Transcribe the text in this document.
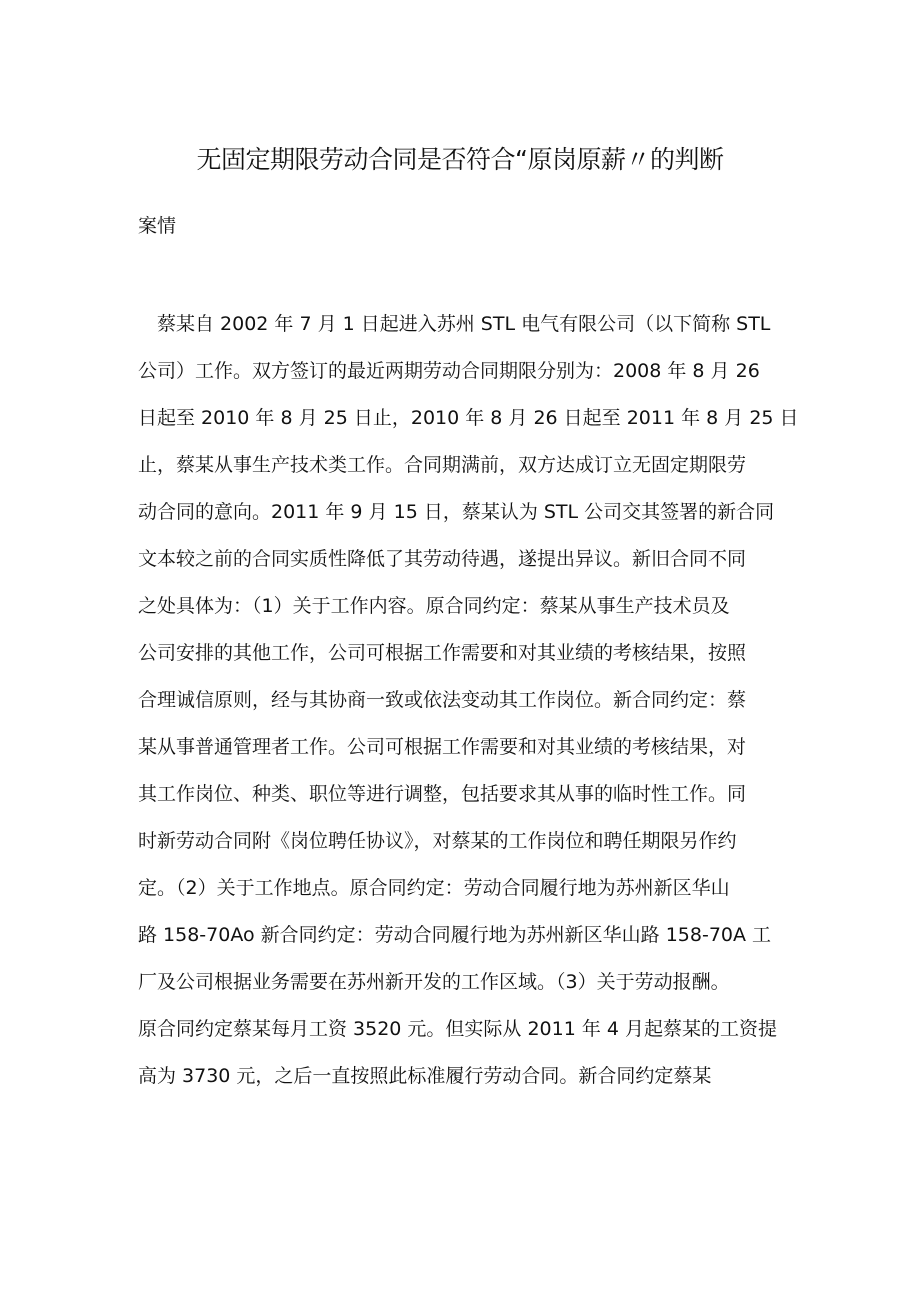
无固定期限劳动合同是否符合“原岗原薪〃的判断
案情
　蔡某自 2002 年 7 月 1 日起进入苏州 STL 电气有限公司（以下简称 STL
公司）工作。双方签订的最近两期劳动合同期限分别为：2008 年 8 月 26
日起至 2010 年 8 月 25 日止，2010 年 8 月 26 日起至 2011 年 8 月 25 日
止，蔡某从事生产技术类工作。合同期满前，双方达成订立无固定期限劳
动合同的意向。2011 年 9 月 15 日，蔡某认为 STL 公司交其签署的新合同
文本较之前的合同实质性降低了其劳动待遇，遂提出异议。新旧合同不同
之处具体为：（1）关于工作内容。原合同约定：蔡某从事生产技术员及
公司安排的其他工作，公司可根据工作需要和对其业绩的考核结果，按照
合理诚信原则，经与其协商一致或依法变动其工作岗位。新合同约定：蔡
某从事普通管理者工作。公司可根据工作需要和对其业绩的考核结果，对
其工作岗位、种类、职位等进行调整，包括要求其从事的临时性工作。同
时新劳动合同附《岗位聘任协议》，对蔡某的工作岗位和聘任期限另作约
定。（2）关于工作地点。原合同约定：劳动合同履行地为苏州新区华山
路 158-70Ao 新合同约定：劳动合同履行地为苏州新区华山路 158-70A 工
厂及公司根据业务需要在苏州新开发的工作区域。（3）关于劳动报酬。
原合同约定蔡某每月工资 3520 元。但实际从 2011 年 4 月起蔡某的工资提
高为 3730 元，之后一直按照此标准履行劳动合同。新合同约定蔡某
